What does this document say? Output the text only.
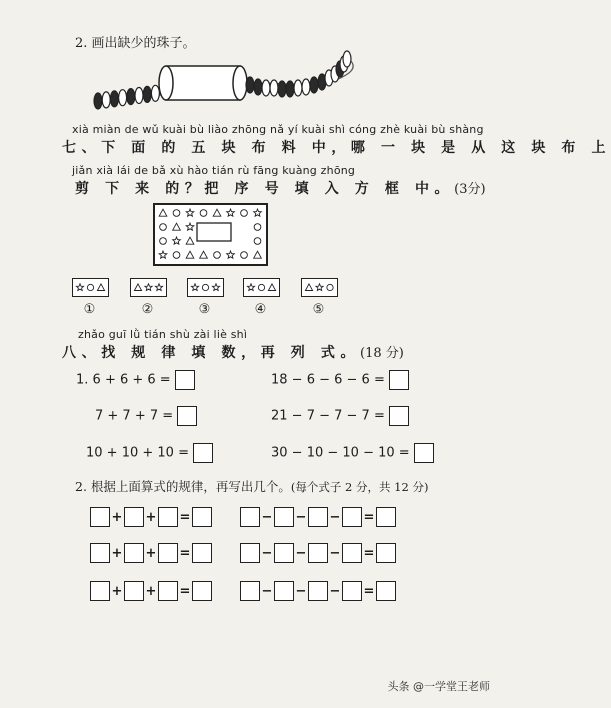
2. 画出缺少的珠子。
xià miàn de wǔ kuài bù liào zhōng nǎ yí kuài shì cóng zhè kuài bù shàng
七、下 面 的 五 块 布 料 中，哪 一 块 是 从 这 块 布 上
jiǎn xià lái de bǎ xù hào tián rù fāng kuàng zhōng
剪 下 来 的？把 序 号 填 入 方 框 中。(3分)
①	②	③	④	⑤
zhǎo guī lǜ tián shù zài liè shì
八、找 规 律 填 数，再 列 式。(18 分)
1. 6 + 6 + 6 =
7 + 7 + 7 =
10 + 10 + 10 =
18 − 6 − 6 − 6 =
21 − 7 − 7 − 7 =
30 − 10 − 10 − 10 =
2. 根据上面算式的规律，再写出几个。(每个式子 2 分，共 12 分)
+ + =
+ + =
+ + =
− − − =
− − − =
− − − =
头条 @一学堂王老师
